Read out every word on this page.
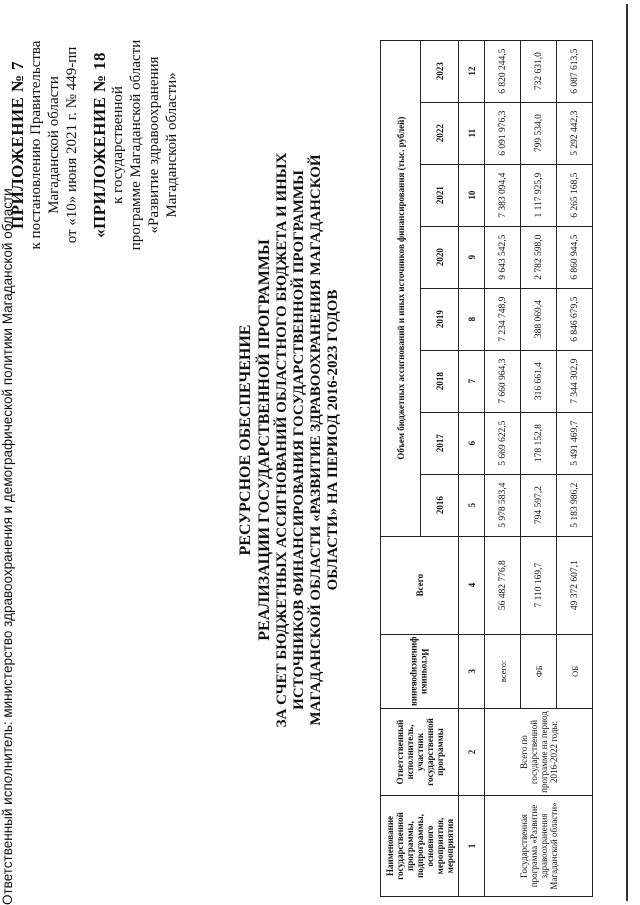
ПРИЛОЖЕНИЕ № 7 к постановлению Правительства Магаданской области от «10» июня 2021 г. № 449-пп «ПРИЛОЖЕНИЕ № 18 к государственной программе Магаданской области «Развитие здравоохранения Магаданской области»
РЕСУРСНОЕ ОБЕСПЕЧЕНИЕ РЕАЛИЗАЦИИ ГОСУДАРСТВЕННОЙ ПРОГРАММЫ ЗА СЧЕТ БЮДЖЕТНЫХ АССИГНОВАНИЙ ОБЛАСТНОГО БЮДЖЕТА И ИНЫХ ИСТОЧНИКОВ ФИНАНСИРОВАНИЯ ГОСУДАРСТВЕННОЙ ПРОГРАММЫ МАГАДАНСКОЙ ОБЛАСТИ «РАЗВИТИЕ ЗДРАВООХРАНЕНИЯ МАГАДАНСКОЙ ОБЛАСТИ» НА ПЕРИОД 2016-2023 ГОДОВ
Ответственный исполнитель: министерство здравоохранения и демографической политики Магаданской области	Наименование государственной программы, подпрограммы, основного мероприятия, мероприятия	Ответственный исполнитель, участник государственной программы	Источники финансирования	Всего	Объем бюджетных ассигнований и иных источников финансирования (тыс. рублей)							
				2016	2017	2018	2019	2020	2021	2022	2023
1	2	3	4	5	6	7	8	9	10	11	12
Государственная программа «Развитие здравоохранения Магаданской области»	Всего по государственной программе на период 2016-2022 годы:	всего:	56 482 776,8	5 978 583,4	5 669 622,5	7 660 964,3	7 234 748,9	9 643 542,5	7 383 094,4	6 091 976,3	6 820 244,5
		ФБ	7 110 169,7	794 597,2	178 152,8	316 661,4	388 069,4	2 782 598,0	1 117 925,9	799 534,0	732 631,0
		ОБ	49 372 607,1	5 183 986,2	5 491 469,7	7 344 302,9	6 846 679,5	6 860 944,5	6 265 168,5	5 292 442,3	6 087 613,5
